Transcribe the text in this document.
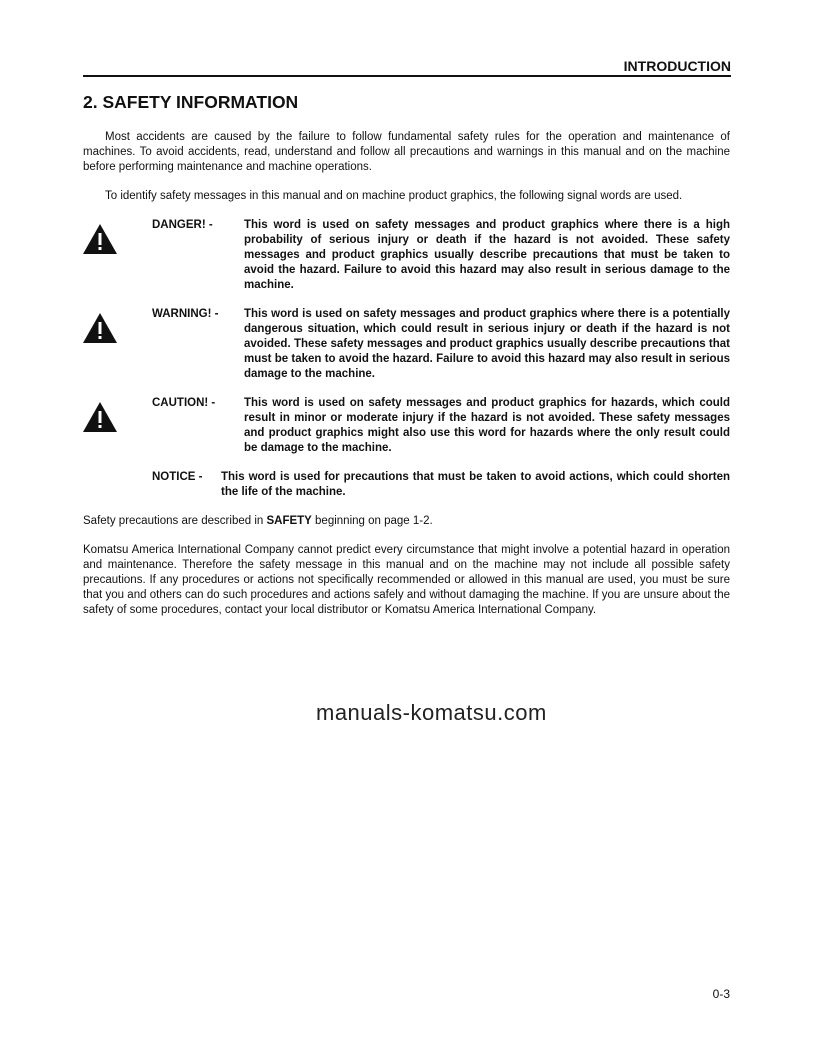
INTRODUCTION
2. SAFETY INFORMATION
Most accidents are caused by the failure to follow fundamental safety rules for the operation and maintenance of machines. To avoid accidents, read, understand and follow all precautions and warnings in this manual and on the machine before performing maintenance and machine operations.
To identify safety messages in this manual and on machine product graphics, the following signal words are used.
DANGER! -	This word is used on safety messages and product graphics where there is a high probability of serious injury or death if the hazard is not avoided. These safety messages and product graphics usually describe precautions that must be taken to avoid the hazard. Failure to avoid this hazard may also result in serious damage to the machine.
WARNING! -	This word is used on safety messages and product graphics where there is a potentially dangerous situation, which could result in serious injury or death if the hazard is not avoided. These safety messages and product graphics usually describe precautions that must be taken to avoid the hazard. Failure to avoid this hazard may also result in serious damage to the machine.
CAUTION! -	This word is used on safety messages and product graphics for hazards, which could result in minor or moderate injury if the hazard is not avoided. These safety messages and product graphics might also use this word for hazards where the only result could be damage to the machine.
NOTICE -	This word is used for precautions that must be taken to avoid actions, which could shorten the life of the machine.
Safety precautions are described in SAFETY beginning on page 1-2.
Komatsu America International Company cannot predict every circumstance that might involve a potential hazard in operation and maintenance. Therefore the safety message in this manual and on the machine may not include all possible safety precautions. If any procedures or actions not specifically recommended or allowed in this manual are used, you must be sure that you and others can do such procedures and actions safely and without damaging the machine. If you are unsure about the safety of some procedures, contact your local distributor or Komatsu America International Company.
manuals-komatsu.com
0-3
